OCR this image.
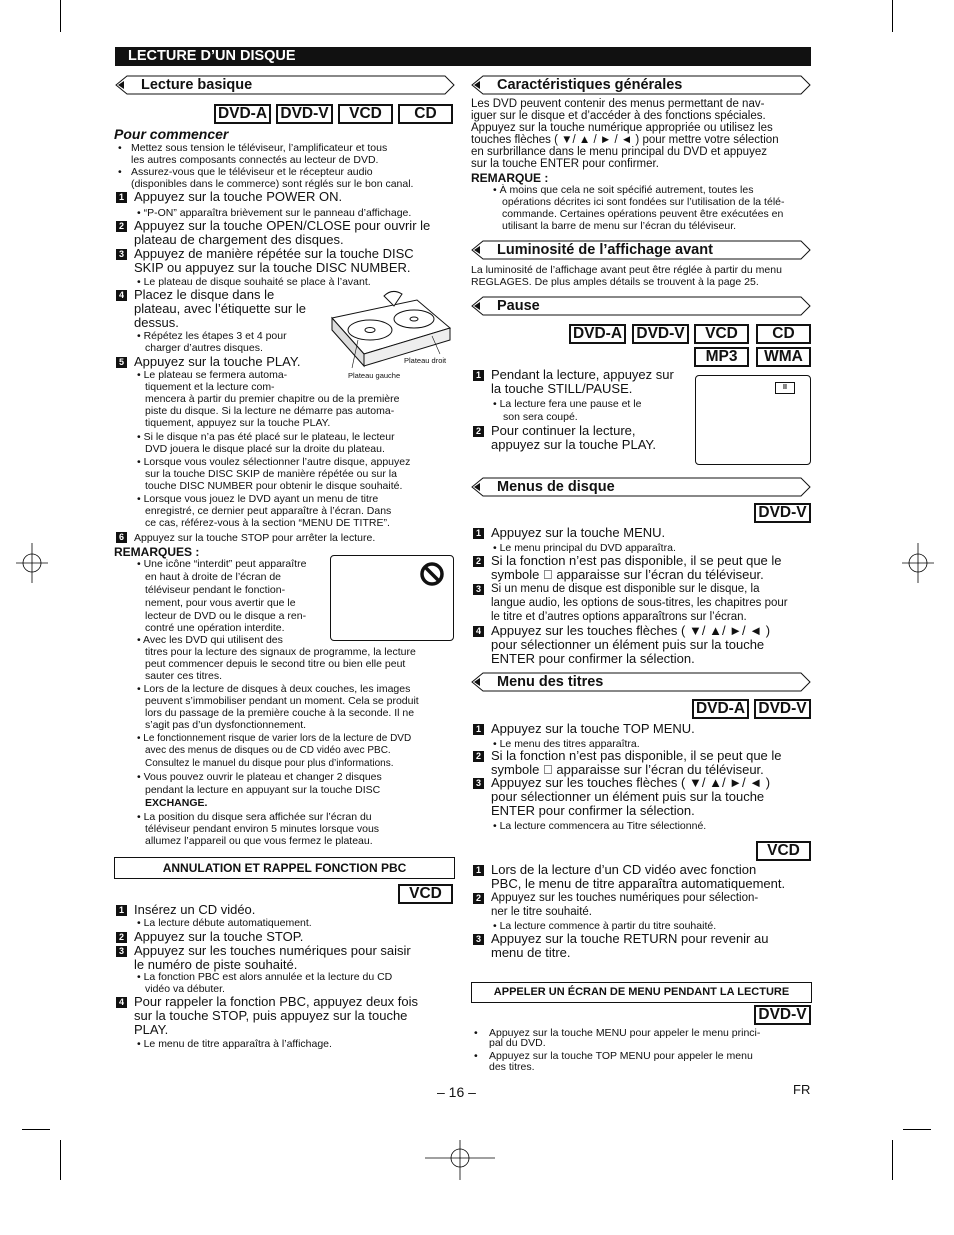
LECTURE D’UN DISQUE
Lecture basique
DVD-A DVD-V	VCD	CD
Pour commencer
• Mettez sous tension le téléviseur, l’amplificateur et tous
les autres composants connectés au lecteur de DVD.
• Assurez-vous que le téléviseur et le récepteur audio
(disponibles dans le commerce) sont réglés sur le bon canal.
1 Appuyez sur la touche POWER ON.
• “P-ON” apparaîtra brièvement sur le panneau d’affichage.
2 Appuyez sur la touche OPEN/CLOSE pour ouvrir le
plateau de chargement des disques.
3 Appuyez de manière répétée sur la touche DISC
SKIP ou appuyez sur la touche DISC NUMBER.
• Le plateau de disque souhaité se place à l’avant.
4 Placez le disque dans le
plateau, avec l’étiquette sur le
dessus.
• Répétez les étapes 3 et 4 pour
charger d’autres disques.
Plateau droit
Plateau gauche
5 Appuyez sur la touche PLAY.
• Le plateau se fermera automa-
tiquement et la lecture com-
mencera à partir du premier chapitre ou de la première
piste du disque. Si la lecture ne démarre pas automa-
tiquement, appuyez sur la touche PLAY.
• Si le disque n’a pas été placé sur le plateau, le lecteur
DVD jouera le disque placé sur la droite du plateau.
• Lorsque vous voulez sélectionner l’autre disque, appuyez
sur la touche DISC SKIP de manière répétée ou sur la
touche DISC NUMBER pour obtenir le disque souhaité.
• Lorsque vous jouez le DVD ayant un menu de titre
enregistré, ce dernier peut apparaître à l’écran. Dans
ce cas, référez-vous à la section “MENU DE TITRE”.
6 Appuyez sur la touche STOP pour arrêter la lecture.
REMARQUES :
• Une icône “interdit” peut apparaître
en haut à droite de l’écran de
téléviseur pendant le fonction-
nement, pour vous avertir que le
lecteur de DVD ou le disque a ren-
contré une opération interdite.
• Avec les DVD qui utilisent des
titres pour la lecture des signaux de programme, la lecture
peut commencer depuis le second titre ou bien elle peut
sauter ces titres.
• Lors de la lecture de disques à deux couches, les images
peuvent s’immobiliser pendant un moment. Cela se produit
lors du passage de la première couche à la seconde. Il ne
s’agit pas d’un dysfonctionnement.
• Le fonctionnement risque de varier lors de la lecture de DVD
avec des menus de disques ou de CD vidéo avec PBC.
Consultez le manuel du disque pour plus d’informations.
• Vous pouvez ouvrir le plateau et changer 2 disques
pendant la lecture en appuyant sur la touche DISC
EXCHANGE.
• La position du disque sera affichée sur l’écran du
téléviseur pendant environ 5 minutes lorsque vous
allumez l’appareil ou que vous fermez le plateau.
ANNULATION ET RAPPEL FONCTION PBC
VCD
1 Insérez un CD vidéo.
• La lecture débute automatiquement.
2 Appuyez sur la touche STOP.
3 Appuyez sur les touches numériques pour saisir
le numéro de piste souhaité.
• La fonction PBC est alors annulée et la lecture du CD
vidéo va débuter.
4 Pour rappeler la fonction PBC, appuyez deux fois
sur la touche STOP, puis appuyez sur la touche
PLAY.
• Le menu de titre apparaîtra à l’affichage.
Caractéristiques générales
Les DVD peuvent contenir des menus permettant de nav-
iguer sur le disque et d’accéder à des fonctions spéciales.
Appuyez sur la touche numérique appropriée ou utilisez les
touches flèches ( ▼/ ▲ / ► / ◄ ) pour mettre votre sélection
en surbrillance dans le menu principal du DVD et appuyez
sur la touche ENTER pour confirmer.
REMARQUE :
• À moins que cela ne soit spécifié autrement, toutes les
opérations décrites ici sont fondées sur l’utilisation de la télé-
commande. Certaines opérations peuvent être exécutées en
utilisant la barre de menu sur l’écran du téléviseur.
Luminosité de l’affichage avant
La luminosité de l’affichage avant peut être réglée à partir du menu
REGLAGES. De plus amples détails se trouvent à la page 25.
Pause
DVD-A DVD-V	VCD	CD
MP3	WMA
1 Pendant la lecture, appuyez sur
la touche STILL/PAUSE.
• La lecture fera une pause et le
son sera coupé.
2 Pour continuer la lecture,
appuyez sur la touche PLAY.
II
Menus de disque
DVD-V
1 Appuyez sur la touche MENU.
• Le menu principal du DVD apparaîtra.
2 Si la fonction n’est pas disponible, il se peut que le
symbole ⃠ apparaisse sur l’écran du téléviseur.
3 Si un menu de disque est disponible sur le disque, la
langue audio, les options de sous-titres, les chapitres pour
le titre et d’autres options apparaîtrons sur l’écran.
4 Appuyez sur les touches flèches ( ▼/ ▲/ ►/ ◄ )
pour sélectionner un élément puis sur la touche
ENTER pour confirmer la sélection.
Menu des titres
DVD-A DVD-V
1 Appuyez sur la touche TOP MENU.
• Le menu des titres apparaîtra.
2 Si la fonction n’est pas disponible, il se peut que le
symbole ⃠ apparaisse sur l’écran du téléviseur.
3 Appuyez sur les touches flèches ( ▼/ ▲/ ►/ ◄ )
pour sélectionner un élément puis sur la touche
ENTER pour confirmer la sélection.
• La lecture commencera au Titre sélectionné.
VCD
1 Lors de la lecture d’un CD vidéo avec fonction
PBC, le menu de titre apparaîtra automatiquement.
2 Appuyez sur les touches numériques pour sélection-
ner le titre souhaité.
• La lecture commence à partir du titre souhaité.
3 Appuyez sur la touche RETURN pour revenir au
menu de titre.
APPELER UN ÉCRAN DE MENU PENDANT LA LECTURE
DVD-V
• Appuyez sur la touche MENU pour appeler le menu princi-
pal du DVD.
• Appuyez sur la touche TOP MENU pour appeler le menu
des titres.
– 16 –	FR
